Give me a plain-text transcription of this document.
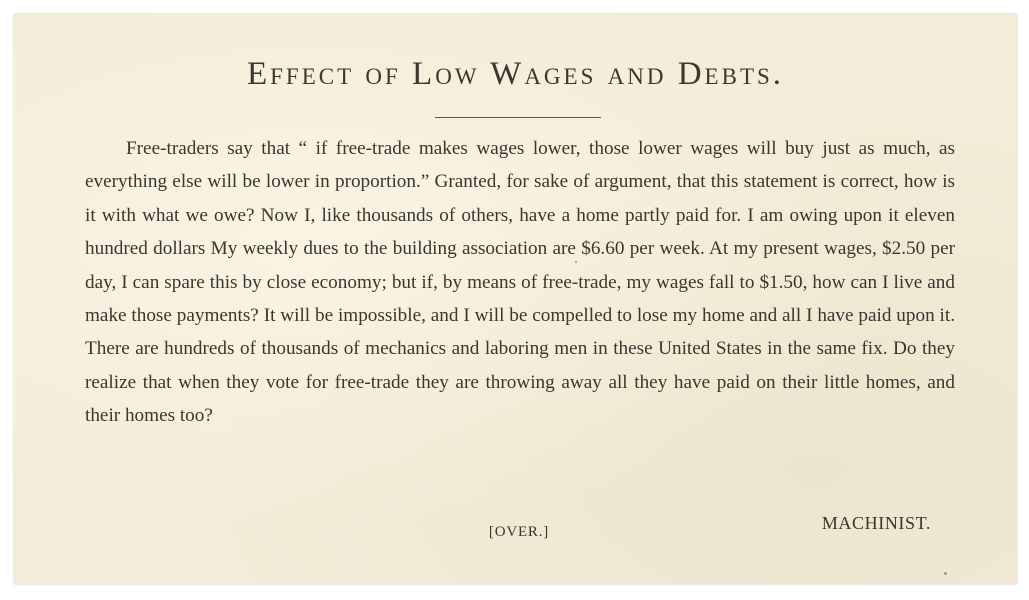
Effect of Low Wages and Debts.

Free-traders say that “ if free-trade makes wages lower, those lower wages will buy just as much, as everything else will be lower in proportion.” Granted, for sake of argument, that this statement is correct, how is it with what we owe? Now I, like thousands of others, have a home partly paid for. I am owing upon it eleven hundred dollars My weekly dues to the building association are $6.60 per week. At my present wages, $2.50 per day, I can spare this by close economy; but if, by means of free-trade, my wages fall to $1.50, how can I live and make those payments? It will be impossible, and I will be compelled to lose my home and all I have paid upon it. There are hundreds of thousands of mechanics and laboring men in these United States in the same fix. Do they realize that when they vote for free-trade they are throwing away all they have paid on their little homes, and their homes too?

MACHINIST.

[OVER.]
